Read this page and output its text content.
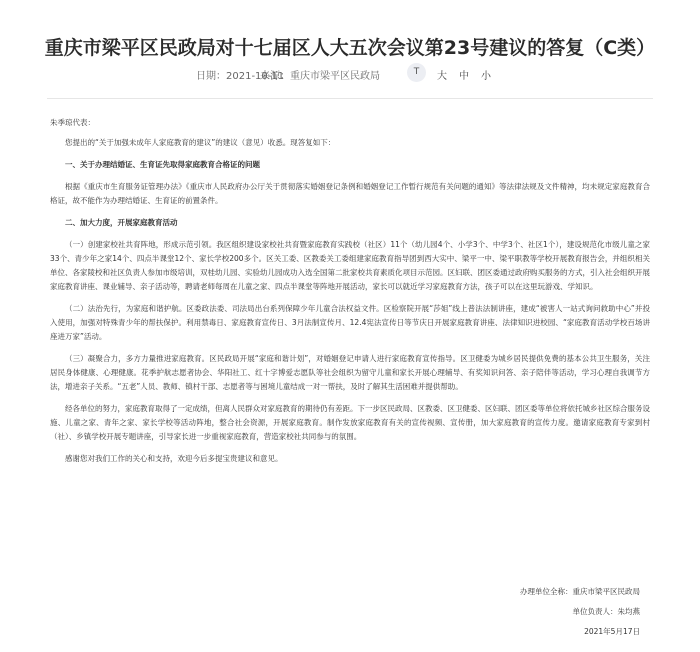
重庆市梁平区民政局对十七届区人大五次会议第23号建议的答复（C类）
日期：2021-10-11
来源：重庆市梁平区民政局	T	大 中 小

朱季琼代表：

您提出的“关于加强未成年人家庭教育的建议”的建议（意见）收悉。现答复如下：

一、关于办理结婚证、生育证先取得家庭教育合格证的问题

根据《重庆市生育服务证管理办法》《重庆市人民政府办公厅关于贯彻落实婚姻登记条例和婚姻登记工作暂行规范有关问题的通知》等法律法规及文件精神，均未规定家庭教育合格证，故不能作为办理结婚证、生育证的前置条件。

二、加大力度，开展家庭教育活动

（一）创建家校社共育阵地，形成示范引领。我区组织建设家校社共育暨家庭教育实践校（社区）11个（幼儿园4个、小学3个、中学3个、社区1个），建设规范化市级儿童之家33个、青少年之家14个、四点半课堂12个、家长学校200多个。区关工委、区教委关工委组建家庭教育指导团到西大实中、梁平一中、梁平职教等学校开展教育报告会，并组织相关单位、各家陵校和社区负责人参加市级培训，双桂幼儿园、实验幼儿园成功入选全国第二批家校共育素质化项目示范园。区妇联、团区委通过政府购买服务的方式，引入社会组织开展家庭教育讲座、课业辅导、亲子活动等，聘请老师每周在儿童之家、四点半课堂等阵地开展活动，家长可以就近学习家庭教育方法，孩子可以在这里玩游戏、学知识。

（二）法治先行，为家庭和谐护航。区委政法委、司法局出台系列保障少年儿童合法权益文件。区检察院开展“莎姐”线上普法法制讲座，建成“被害人一站式询问救助中心”并投入使用，加强对特殊青少年的帮扶保护。利用禁毒日、家庭教育宣传日、3月法制宣传月、12.4宪法宣传日等节庆日开展家庭教育讲座、法律知识进校园、“家庭教育活动学校百场讲座进万家”活动。

（三）凝聚合力，多方力量推进家庭教育。区民政局开展“家庭和谐计划”，对婚姻登记申请人进行家庭教育宣传指导。区卫健委为城乡居民提供免费的基本公共卫生服务，关注居民身体健康、心理健康。花季护航志愿者协会、华阳社工、红十字博爱志愿队等社会组织为留守儿童和家长开展心理辅导、有奖知识问答、亲子陪伴等活动，学习心理自我调节方法，增进亲子关系。“五老”人员、教师、镇村干部、志愿者等与困境儿童结成一对一帮扶，及时了解其生活困难并提供帮助。

经各单位的努力，家庭教育取得了一定成绩，但离人民群众对家庭教育的期待仍有差距。下一步区民政局、区教委、区卫健委、区妇联、团区委等单位将依托城乡社区综合服务设施、儿童之家、青年之家、家长学校等活动阵地，整合社会资源，开展家庭教育。制作发放家庭教育有关的宣传视频、宣传册，加大家庭教育的宣传力度。邀请家庭教育专家到村（社）、乡镇学校开展专题讲座，引导家长进一步重视家庭教育，营造家校社共同参与的氛围。

感谢您对我们工作的关心和支持，欢迎今后多提宝贵建议和意见。

办理单位全称：重庆市梁平区民政局
单位负责人：朱均燕
2021年5月17日
